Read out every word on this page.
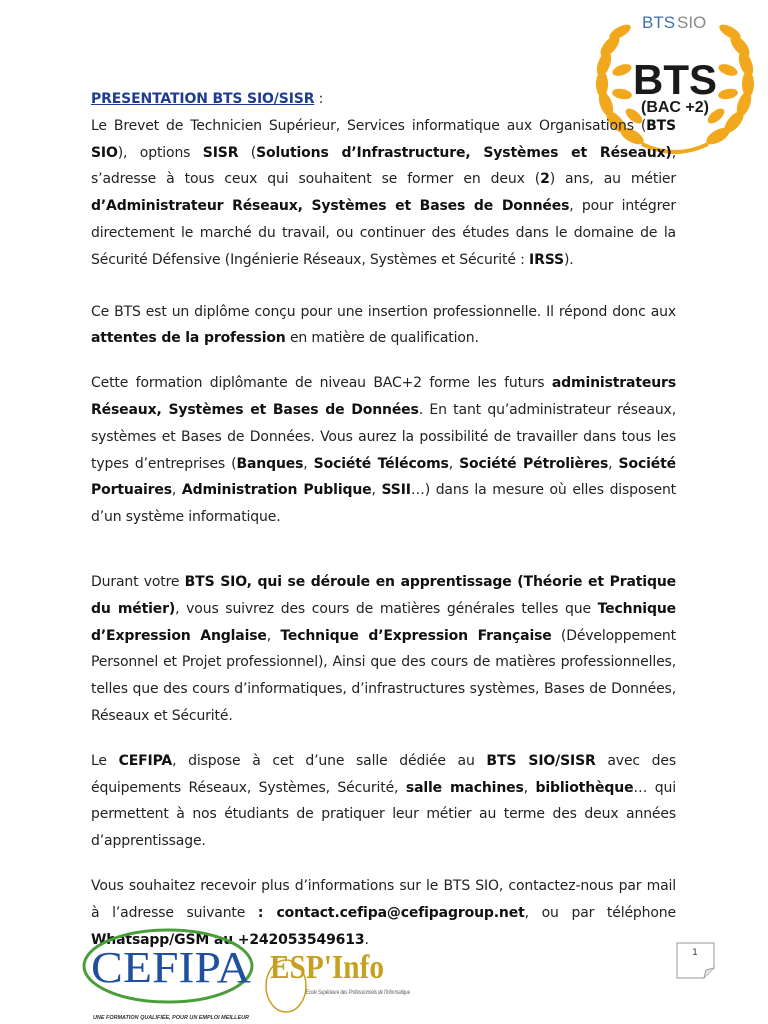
BTS SIO
BTS
(BAC +2)

PRESENTATION BTS SIO/SISR :

Le Brevet de Technicien Supérieur, Services informatique aux Organisations (BTS SIO), options SISR (Solutions d’Infrastructure, Systèmes et Réseaux), s’adresse à tous ceux qui souhaitent se former en deux (2) ans, au métier d’Administrateur Réseaux, Systèmes et Bases de Données, pour intégrer directement le marché du travail, ou continuer des études dans le domaine de la Sécurité Défensive (Ingénierie Réseaux, Systèmes et Sécurité : IRSS).

Ce BTS est un diplôme conçu pour une insertion professionnelle. Il répond donc aux attentes de la profession en matière de qualification.

Cette formation diplômante de niveau BAC+2 forme les futurs administrateurs Réseaux, Systèmes et Bases de Données. En tant qu’administrateur réseaux, systèmes et Bases de Données. Vous aurez la possibilité de travailler dans tous les types d’entreprises (Banques, Société Télécoms, Société Pétrolières, Société Portuaires, Administration Publique, SSII…) dans la mesure où elles disposent d’un système informatique.

Durant votre BTS SIO, qui se déroule en apprentissage (Théorie et Pratique du métier), vous suivrez des cours de matières générales telles que Technique d’Expression Anglaise, Technique d’Expression Française (Développement Personnel et Projet professionnel), Ainsi que des cours de matières professionnelles, telles que des cours d’informatiques, d’infrastructures systèmes, Bases de Données, Réseaux et Sécurité.

Le CEFIPA, dispose à cet d’une salle dédiée au BTS SIO/SISR avec des équipements Réseaux, Systèmes, Sécurité, salle machines, bibliothèque… qui permettent à nos étudiants de pratiquer leur métier au terme des deux années d’apprentissage.

Vous souhaitez recevoir plus d’informations sur le BTS SIO, contactez-nous par mail à l’adresse suivante : contact.cefipa@cefipagroup.net, ou par téléphone Whatsapp/GSM au +242053549613.

CEFIPA
UNE FORMATION QUALIFIÉE, POUR UN EMPLOI MEILLEUR
ESP'Info
Ecole Supérieure des Professionnels de l'Informatique
1
